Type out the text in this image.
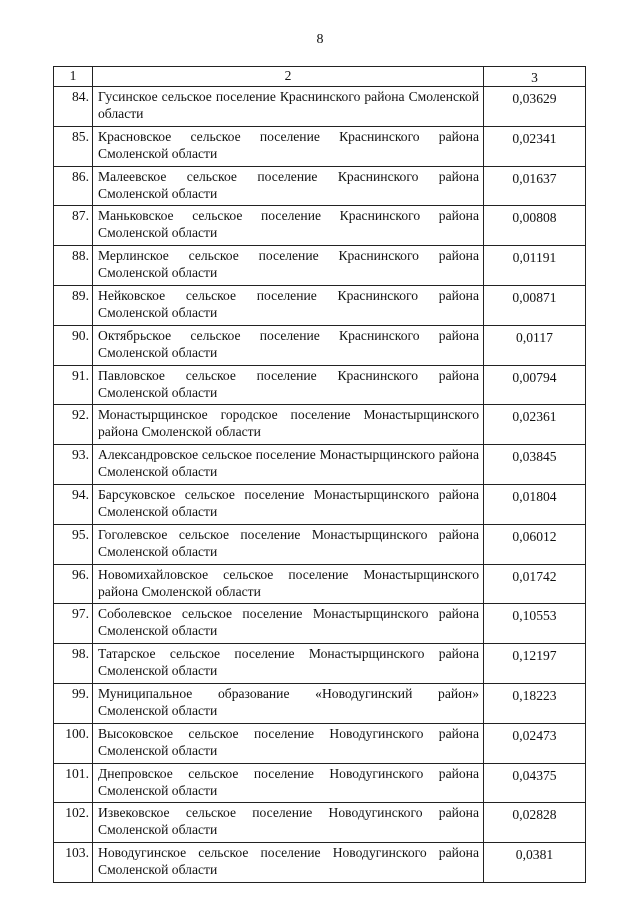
8
1	2	3
84.	Гусинское сельское поселение Краснинского района Смоленской области	0,03629
85.	Красновское сельское поселение Краснинского района Смоленской области	0,02341
86.	Малеевское сельское поселение Краснинского района Смоленской области	0,01637
87.	Маньковское сельское поселение Краснинского района Смоленской области	0,00808
88.	Мерлинское сельское поселение Краснинского района Смоленской области	0,01191
89.	Нейковское сельское поселение Краснинского района Смоленской области	0,00871
90.	Октябрьское сельское поселение Краснинского района Смоленской области	0,0117
91.	Павловское сельское поселение Краснинского района Смоленской области	0,00794
92.	Монастырщинское городское поселение Монастырщинского района Смоленской области	0,02361
93.	Александровское сельское поселение Монастырщинского района Смоленской области	0,03845
94.	Барсуковское сельское поселение Монастырщинского района Смоленской области	0,01804
95.	Гоголевское сельское поселение Монастырщинского района Смоленской области	0,06012
96.	Новомихайловское сельское поселение Монастырщинского района Смоленской области	0,01742
97.	Соболевское сельское поселение Монастырщинского района Смоленской области	0,10553
98.	Татарское сельское поселение Монастырщинского района Смоленской области	0,12197
99.	Муниципальное образование «Новодугинский район» Смоленской области	0,18223
100.	Высоковское сельское поселение Новодугинского района Смоленской области	0,02473
101.	Днепровское сельское поселение Новодугинского района Смоленской области	0,04375
102.	Извековское сельское поселение Новодугинского района Смоленской области	0,02828
103.	Новодугинское сельское поселение Новодугинского района Смоленской области	0,0381
